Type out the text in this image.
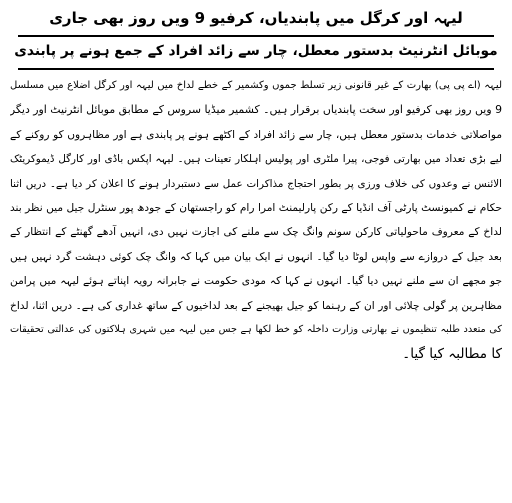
لیہہ اور کرگل میں پابندیاں، کرفیو 9 ویں روز بھی جاری

موبائل انٹرنیٹ بدستور معطل، چار سے زائد افراد کے جمع ہونے پر پابندی

لیہہ (اے پی پی) بھارت کے غیر قانونی زیر تسلط جموں وکشمیر کے خطے لداخ میں لیہہ اور کرگل اضلاع میں مسلسل
9 ویں روز بھی کرفیو اور سخت پابندیاں برقرار ہیں۔ کشمیر میڈیا سروس کے مطابق موبائل انٹرنیٹ اور دیگر
مواصلاتی خدمات بدستور معطل ہیں، چار سے زائد افراد کے اکٹھے ہونے پر پابندی ہے اور مظاہروں کو روکنے کے
لیے بڑی تعداد میں بھارتی فوجی، پیرا ملٹری اور پولیس اہلکار تعینات ہیں۔ لیہہ اپکس باڈی اور کارگل ڈیموکریٹک
الائنس نے وعدوں کی خلاف ورزی پر بطور احتجاج مذاکرات عمل سے دستبردار ہونے کا اعلان کر دیا ہے۔ دریں اثنا
حکام نے کمیونسٹ پارٹی آف انڈیا کے رکن پارلیمنٹ امرا رام کو راجستھان کے جودھ پور سنٹرل جیل میں نظر بند
لداخ کے معروف ماحولیاتی کارکن سونم وانگ چک سے ملنے کی اجازت نہیں دی، انہیں آدھے گھنٹے کے انتظار کے
بعد جیل کے دروازے سے واپس لوٹا دیا گیا۔ انہوں نے ایک بیان میں کہا کہ وانگ چک کوئی دہشت گرد نہیں ہیں
جو مجھے ان سے ملنے نہیں دیا گیا۔ انہوں نے کہا کہ مودی حکومت نے جابرانہ رویہ اپناتے ہوئے لیہہ میں پرامن
مظاہرین پر گولی چلائی اور ان کے رہنما کو جیل بھیجنے کے بعد لداخیوں کے ساتھ غداری کی ہے۔ دریں اثنا، لداخ
کی متعدد طلبہ تنظیموں نے بھارتی وزارت داخلہ کو خط لکھا ہے جس میں لیہہ میں شہری ہلاکتوں کی عدالتی تحقیقات
کا مطالبہ کیا گیا۔
